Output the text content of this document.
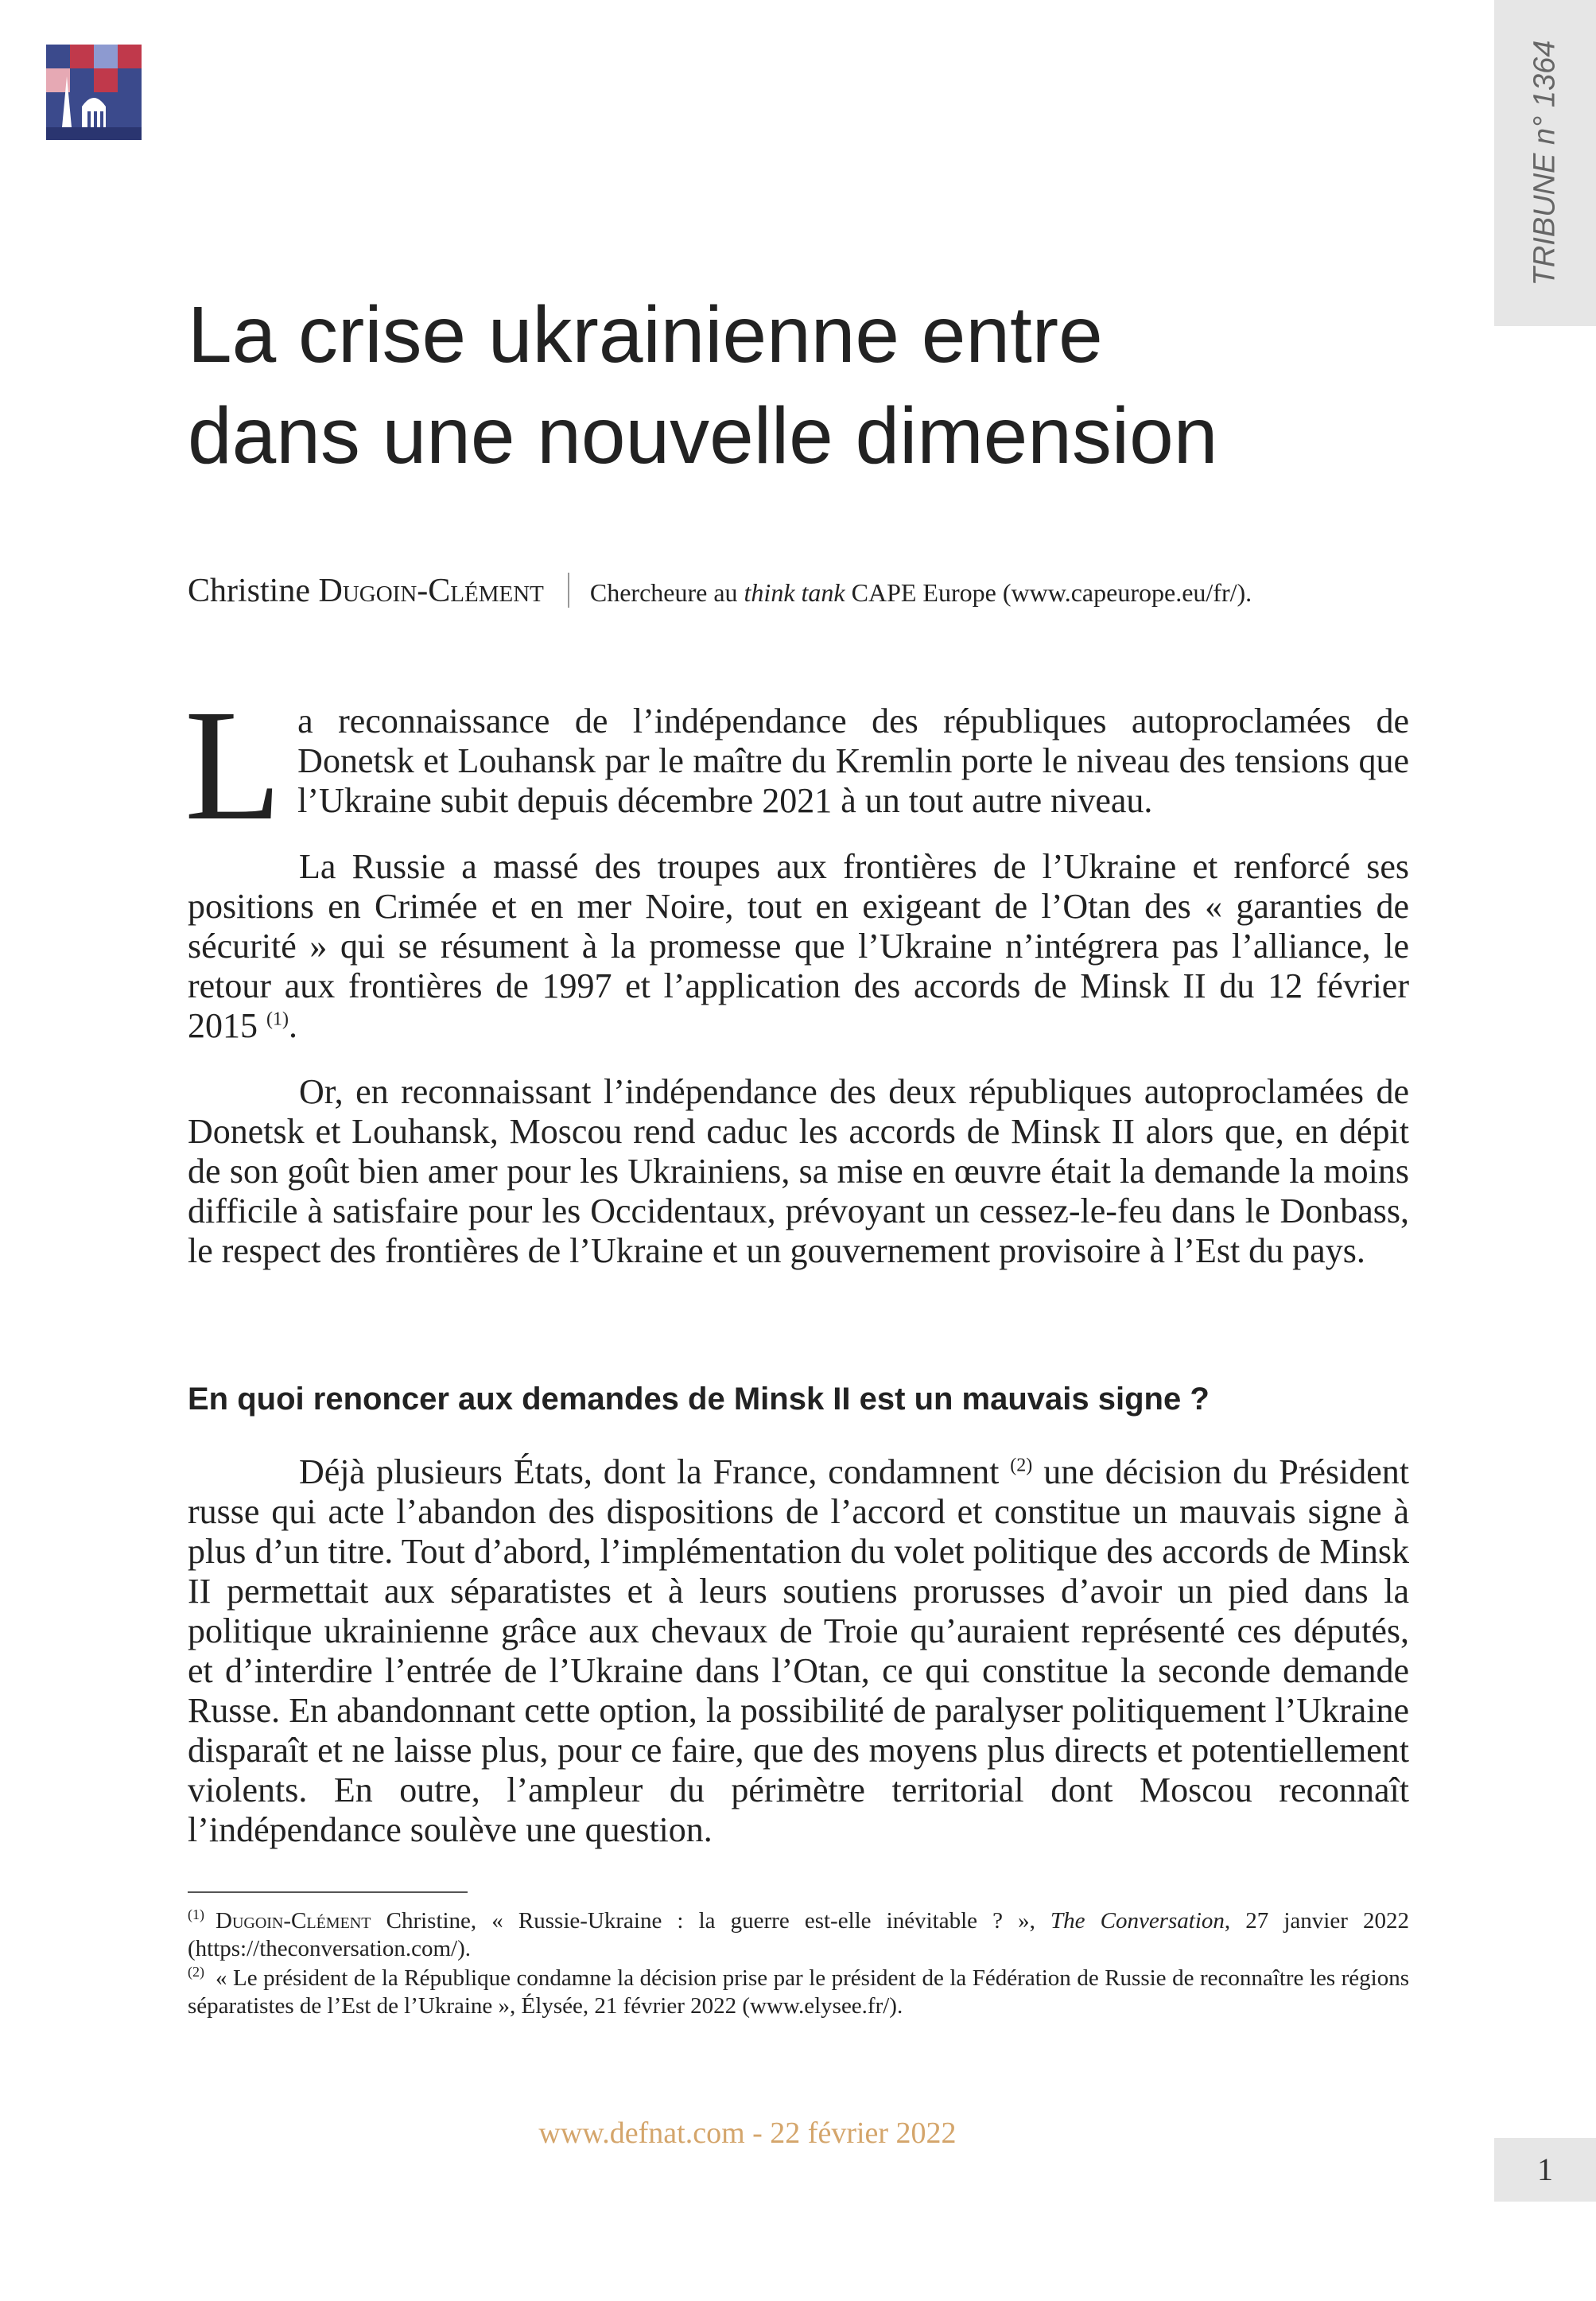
TRIBUNE n° 1364
La crise ukrainienne entre
dans une nouvelle dimension
Christine Dugoin-Clément Chercheure au think tank CAPE Europe (www.capeurope.eu/fr/).

La reconnaissance de l’indépendance des républiques autoproclamées de Donetsk et Louhansk par le maître du Kremlin porte le niveau des tensions que l’Ukraine subit depuis décembre 2021 à un tout autre niveau.

La Russie a massé des troupes aux frontières de l’Ukraine et renforcé ses positions en Crimée et en mer Noire, tout en exigeant de l’Otan des « garanties de sécurité » qui se résument à la promesse que l’Ukraine n’intégrera pas l’alliance, le retour aux frontières de 1997 et l’application des accords de Minsk II du 12 février 2015 $^{(1)}$.

Or, en reconnaissant l’indépendance des deux républiques autoproclamées de Donetsk et Louhansk, Moscou rend caduc les accords de Minsk II alors que, en dépit de son goût bien amer pour les Ukrainiens, sa mise en œuvre était la demande la moins difficile à satisfaire pour les Occidentaux, prévoyant un cessez-le-feu dans le Donbass, le respect des frontières de l’Ukraine et un gouvernement provisoire à l’Est du pays.

En quoi renoncer aux demandes de Minsk II est un mauvais signe ?

Déjà plusieurs États, dont la France, condamnent $^{(2)}$ une décision du Président russe qui acte l’abandon des dispositions de l’accord et constitue un mauvais signe à plus d’un titre. Tout d’abord, l’implémentation du volet politique des accords de Minsk II permettait aux séparatistes et à leurs soutiens prorusses d’avoir un pied dans la politique ukrainienne grâce aux chevaux de Troie qu’auraient représenté ces députés, et d’interdire l’entrée de l’Ukraine dans l’Otan, ce qui constitue la seconde demande Russe. En abandonnant cette option, la possibilité de paralyser politiquement l’Ukraine disparaît et ne laisse plus, pour ce faire, que des moyens plus directs et potentiellement violents. En outre, l’ampleur du périmètre territorial dont Moscou reconnaît l’indépendance soulève une question.

$^{(1)}$ Dugoin-Clément Christine, « Russie-Ukraine : la guerre est-elle inévitable ? », The Conversation, 27 janvier 2022 (https://theconversation.com/).

$^{(2)}$ « Le président de la République condamne la décision prise par le président de la Fédération de Russie de reconnaître les régions séparatistes de l’Est de l’Ukraine », Élysée, 21 février 2022 (www.elysee.fr/).

www.defnat.com - 22 février 2022
1
